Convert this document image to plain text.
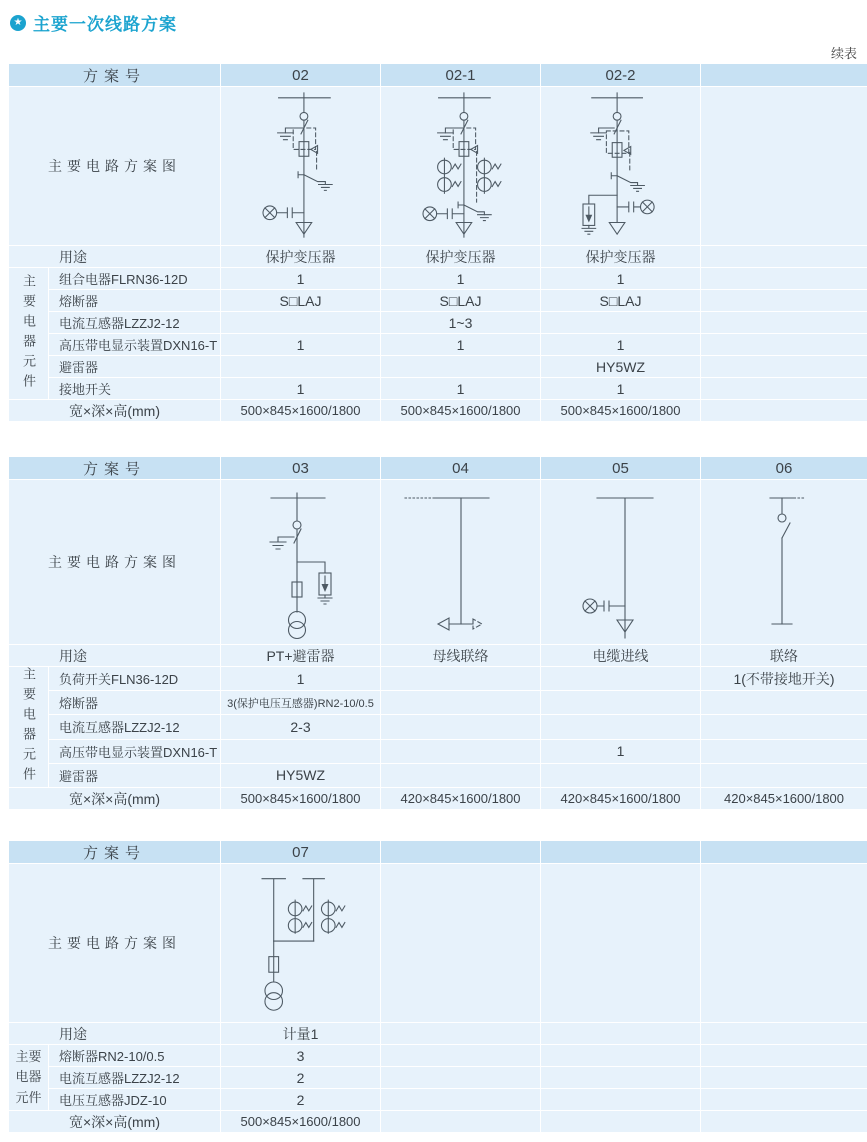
★ 主要一次线路方案
续表
方案号		02	02-1	02-2	
主要电路方案图	

用途		保护变压器	保护变压器	保护变压器	

主要电器元件	组合电器FLRN36-12D	1	1	1	
	熔断器	S□LAJ	S□LAJ	S□LAJ	
	电流互感器LZZJ2-12		1~3		
	高压带电显示装置DXN16-T	1	1	1	
	避雷器			HY5WZ	
	接地开关	1	1	1	
宽×深×高(mm)		500×845×1600/1800	500×845×1600/1800	500×845×1600/1800	
方案号		03	04	05	06
主要电路方案图	

用途		PT+避雷器	母线联络	电缆进线	联络

主要电器元件	负荷开关FLN36-12D	1			1(不带接地开关)
	熔断器	3(保护电压互感器)RN2-10/0.5			
	电流互感器LZZJ2-12	2-3			
	高压带电显示装置DXN16-T			1	
	避雷器	HY5WZ			
宽×深×高(mm)		500×845×1600/1800	420×845×1600/1800	420×845×1600/1800	420×845×1600/1800
方案号		07			
主要电路方案图	

用途		计量1			

主要电器元件	熔断器RN2-10/0.5	3			
	电流互感器LZZJ2-12	2			
	电压互感器JDZ-10	2			
宽×深×高(mm)		500×845×1600/1800			
